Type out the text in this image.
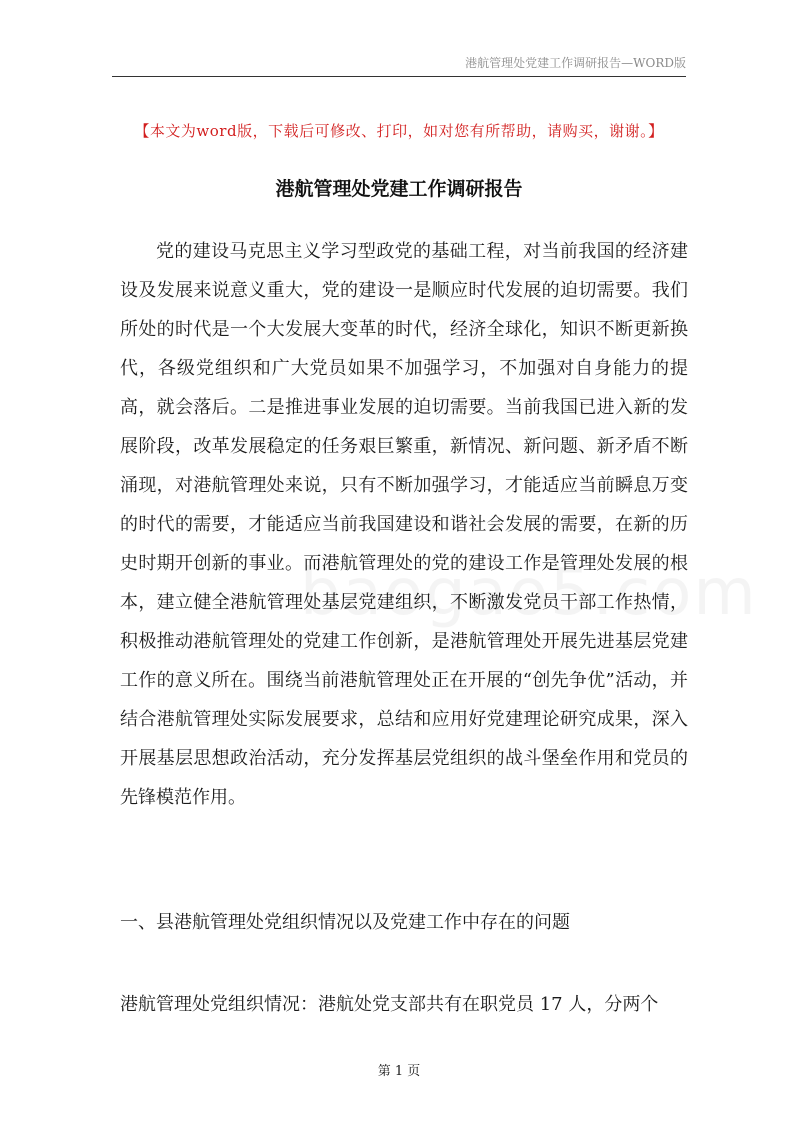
港航管理处党建工作调研报告—WORD版
【本文为word版，下载后可修改、打印，如对您有所帮助，请购买，谢谢。】
港航管理处党建工作调研报告

党的建设马克思主义学习型政党的基础工程，对当前我国的经济建设及发展来说意义重大，党的建设一是顺应时代发展的迫切需要。我们所处的时代是一个大发展大变革的时代，经济全球化，知识不断更新换代，各级党组织和广大党员如果不加强学习，不加强对自身能力的提高，就会落后。二是推进事业发展的迫切需要。当前我国已进入新的发展阶段，改革发展稳定的任务艰巨繁重，新情况、新问题、新矛盾不断涌现，对港航管理处来说，只有不断加强学习，才能适应当前瞬息万变的时代的需要，才能适应当前我国建设和谐社会发展的需要，在新的历史时期开创新的事业。而港航管理处的党的建设工作是管理处发展的根本，建立健全港航管理处基层党建组织，不断激发党员干部工作热情，积极推动港航管理处的党建工作创新，是港航管理处开展先进基层党建工作的意义所在。围绕当前港航管理处正在开展的“创先争优”活动，并结合港航管理处实际发展要求，总结和应用好党建理论研究成果，深入开展基层思想政治活动，充分发挥基层党组织的战斗堡垒作用和党员的先锋模范作用。

一、县港航管理处党组织情况以及党建工作中存在的问题

港航管理处党组织情况：港航处党支部共有在职党员 17 人，分两个

第 1 页
